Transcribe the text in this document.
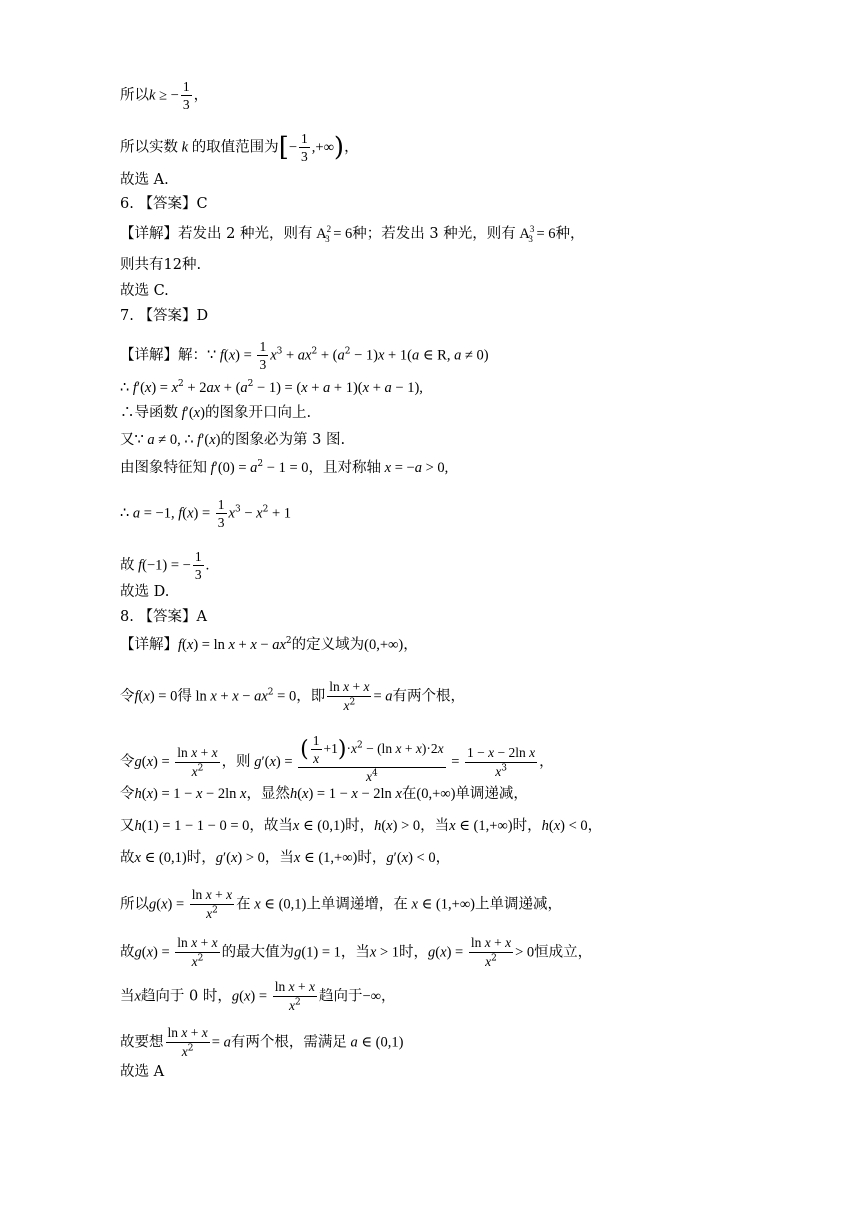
所以k ≥ − $\frac{1}{3}$ ，
所以实数 k 的取值范围为[− $\frac{1}{3}$ ,+∞)，
故选 A.
6. 【答案】C
【详解】若发出 2 种光，则有 $A^2_3 = 6$种；若发出 3 种光，则有 $A^3_3 = 6$种，
则共有12种.
故选 C.
7. 【答案】D
【详解】解：∵ $f(x) = \frac{1}{3} x^3 + ax^2 + (a^2 - 1)x + 1(a$ ∈ R, a ≠ 0)
∴ $f'(x) = x^2 + 2ax + (a^2 - 1) = (x + a + 1)(x + a - 1)$,
∴导函数 f′(x)的图象开口向上.
又∵ a ≠ 0, ∴ f′(x)的图象必为第 3 图.
由图象特征知 $f'(0) = a^2 - 1 = 0$，且对称轴 x = −a > 0,
∴ a = −1, $f(x) = \frac{1}{3} x^3 - x^2 + 1$
故 f(−1) = − $\frac{1}{3}$ .
故选 D.
8. 【答案】A
【详解】$f(x) = \ln x + x - ax^2$的定义域为(0,+∞)，
令f(x) = 0得 $\ln x + x - ax^2 = 0$，即 $\frac{\text{ln x + x}}{x^2} = a$有两个根，
令$g(x) = \frac{\text{ln x + x}}{x^2}$ ，则 $g'(x) = \frac{( \frac{1}{x} +1)\cdot x^2 - (\ln x + x)\cdot 2x}{x^4} = \frac{\text{1 − x − 2ln x}}{x^3}$ ，
令h(x) = 1 − x − 2ln x，显然h(x) = 1 − x − 2ln x在(0,+∞)单调递减，
又h(1) = 1 − 1 − 0 = 0，故当x ∈ (0,1)时，h(x) > 0，当x ∈ (1,+∞)时，h(x) < 0，
故x ∈ (0,1)时，g′(x) > 0，当x ∈ (1,+∞)时，g′(x) < 0，
所以$g(x) = \frac{\text{ln x + x}}{x^2}$ 在 x ∈ (0,1)上单调递增，在 x ∈ (1,+∞)上单调递减，
故$g(x) = \frac{\text{ln x + x}}{x^2}$ 的最大值为g(1) = 1，当x > 1时，$g(x) = \frac{\text{ln x + x}}{x^2} > 0$恒成立，
当x趋向于 0 时，$g(x) = \frac{\text{ln x + x}}{x^2}$ 趋向于−∞，
故要想 $\frac{\text{ln x + x}}{x^2} = a$有两个根，需满足 a ∈ (0,1)
故选 A
